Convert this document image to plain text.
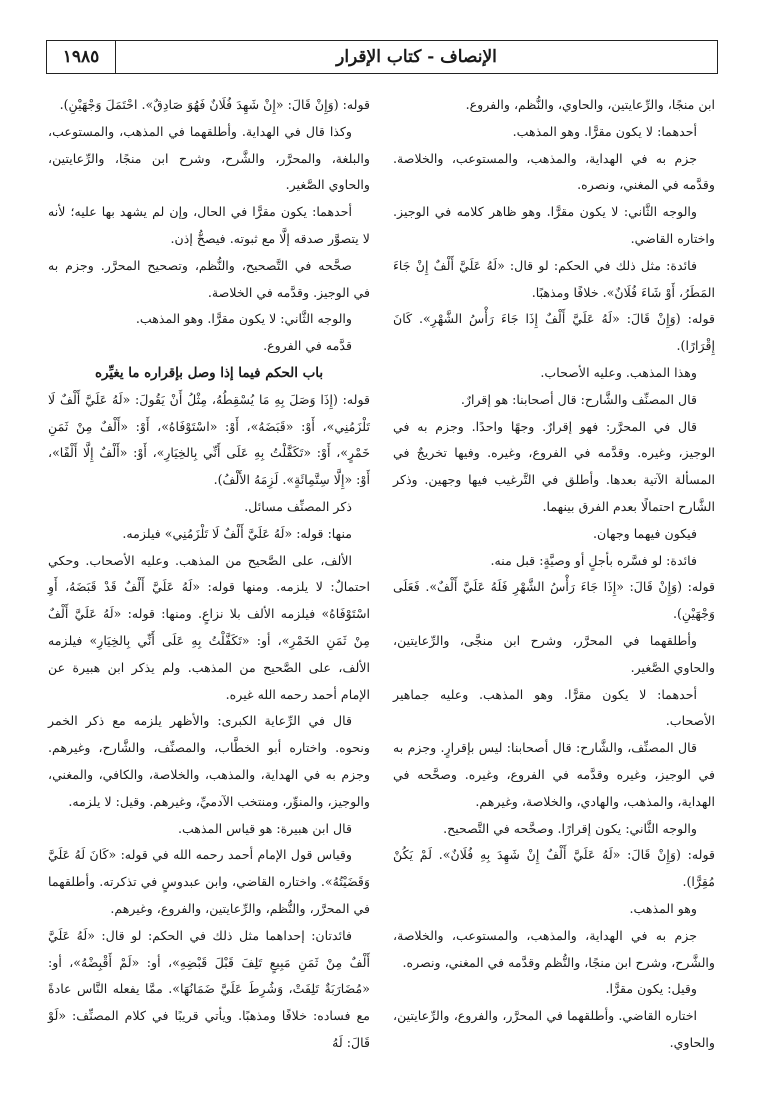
١٩٨٥	الإنصاف - كتاب الإقرار

ابن منجًا، والرِّعايتين، والحاوي، والنُّظم، والفروع.

أحدهما: لا يكون مقرًّا. وهو المذهب.

جزم به في الهداية، والمذهب، والمستوعب، والخلاصة. وقدَّمه في المغني، ونصره.

والوجه الثَّاني: لا يكون مقرًّا. وهو ظاهر كلامه في الوجيز. واختاره القاضي.

فائدة: مثل ذلك في الحكم: لو قال: «لَهُ عَلَيَّ أَلْفٌ إِنْ جَاءَ المَطَرُ، أَوْ شَاءَ فُلَانٌ». خلافًا ومذهبًا.

قوله: (وَإِنْ قَالَ: «لَهُ عَلَيَّ أَلْفٌ إِذَا جَاءَ رَأْسُ الشَّهْرِ». كَانَ إِقْرَارًا).

وهذا المذهب. وعليه الأصحاب.

قال المصنِّف والشَّارح: قال أصحابنا: هو إقرارٌ.

قال في المحرَّر: فهو إقرارٌ. وجهًا واحدًا. وجزم به في الوجيز، وغيره. وقدَّمه في الفروع، وغيره. وفيها تخريجٌ في المسألة الآتية بعدها. وأطلق في التَّرغيب فيها وجهين. وذكر الشَّارح احتمالًا بعدم الفرق بينهما.

فيكون فيهما وجهان.

فائدة: لو فسَّره بأجلٍ أو وصيَّةٍ: قبل منه.

قوله: (وَإِنْ قَالَ: «إِذَا جَاءَ رَأْسُ الشَّهْرِ فَلَهُ عَلَيَّ أَلْفٌ». فَعَلَى وَجْهَيْنِ).

وأطلقهما في المحرَّر، وشرح ابن منجَّى، والرِّعايتين، والحاوي الصَّغير.

أحدهما: لا يكون مقرًّا. وهو المذهب. وعليه جماهير الأصحاب.

قال المصنِّف، والشَّارح: قال أصحابنا: ليس بإقرارٍ. وجزم به في الوجيز، وغيره وقدَّمه في الفروع، وغيره. وصحَّحه في الهداية، والمذهب، والهادي، والخلاصة، وغيرهم.

والوجه الثَّاني: يكون إقرارًا. وصحَّحه في التَّصحيح.

قوله: (وَإِنْ قَالَ: «لَهُ عَلَيَّ أَلْفٌ إِنْ شَهِدَ بِهِ فُلَانٌ». لَمْ يَكُنْ مُقِرًّا).

وهو المذهب.

جزم به في الهداية، والمذهب، والمستوعب، والخلاصة، والشَّرح، وشرح ابن منجًا، والنُّظم وقدَّمه في المغني، ونصره.

وقيل: يكون مقرًّا.

اختاره القاضي. وأطلقهما في المحرَّر، والفروع، والرِّعايتين، والحاوي.

قوله: (وَإِنْ قَالَ: «إِنْ شَهِدَ فُلَانٌ فَهُوَ صَادِقٌ». احْتَمَلَ وَجْهَيْنِ).

وكذا قال في الهداية. وأطلقهما في المذهب، والمستوعب، والبلغة، والمحرَّر، والشَّرح، وشرح ابن منجًا، والرِّعايتين، والحاوي الصَّغير.

أحدهما: يكون مقرًّا في الحال، وإن لم يشهد بها عليه؛ لأنه لا يتصوَّر صدقه إلَّا مع ثبوته. فيصحُّ إذن.

صحَّحه في التَّصحيح، والنُّظم، وتصحيح المحرَّر. وجزم به في الوجيز. وقدَّمه في الخلاصة.

والوجه الثَّاني: لا يكون مقرًّا. وهو المذهب.

قدَّمه في الفروع.

باب الحكم فيما إذا وصل بإقراره ما يغيِّره

قوله: (إِذَا وَصَلَ بِهِ مَا يُسْقِطُهُ، مِثْلُ أَنْ يَقُولَ: «لَهُ عَلَيَّ أَلْفٌ لَا تَلْزَمُنِي»، أَوْ: «قَبَضَهُ»، أَوْ: «اسْتَوْفَاهُ»، أَوْ: «أَلْفٌ مِنْ ثَمَنِ خَمْرٍ»، أَوْ: «تَكَفَّلْتُ بِهِ عَلَى أَنِّي بِالخِيَارِ»، أَوْ: «أَلْفٌ إِلَّا أَلْفًا»، أَوْ: «إِلَّا سِتَّمِائَةٍ». لَزِمَهُ الأَلْفُ).

ذكر المصنِّف مسائل.

منها: قوله: «لَهُ عَلَيَّ أَلْفٌ لَا تَلْزَمُنِي» فيلزمه.

الألف، على الصَّحيح من المذهب. وعليه الأصحاب. وحكي احتمالٌ: لا يلزمه. ومنها قوله: «لَهُ عَلَيَّ أَلْفٌ قَدْ قَبَضَهُ، أَوِ اسْتَوْفَاهُ» فيلزمه الألف بلا نزاعٍ. ومنها: قوله: «لَهُ عَلَيَّ أَلْفٌ مِنْ ثَمَنِ الخَمْرِ»، أو: «تَكَفَّلْتُ بِهِ عَلَى أَنِّي بِالخِيَارِ» فيلزمه الألف، على الصَّحيح من المذهب. ولم يذكر ابن هبيرة عن الإمام أحمد رحمه الله غيره.

قال في الرِّعاية الكبرى: والأظهر يلزمه مع ذكر الخمر ونحوه. واختاره أبو الخطَّاب، والمصنِّف، والشَّارح، وغيرهم. وجزم به في الهداية، والمذهب، والخلاصة، والكافي، والمغني، والوجيز، والمنوِّر، ومنتخب الآدميِّ، وغيرهم. وقيل: لا يلزمه.

قال ابن هبيرة: هو قياس المذهب.

وقياس قول الإمام أحمد رحمه الله في قوله: «كَانَ لَهُ عَلَيَّ وَقَضَيْتُهُ». واختاره القاضي، وابن عبدوسٍ في تذكرته. وأطلقهما في المحرَّر، والنُّظم، والرِّعايتين، والفروع، وغيرهم.

فائدتان: إحداهما مثل ذلك في الحكم: لو قال: «لَهُ عَلَيَّ أَلْفٌ مِنْ ثَمَنِ مَبِيعٍ تَلِفَ قَبْلَ قَبْضِهِ»، أو: «لَمْ أَقْبِضْهُ»، أو: «مُضَارَبَةٌ تَلِفَتْ، وَشُرِطَ عَلَيَّ ضَمَانُهَا». ممَّا يفعله النَّاس عادةً مع فساده: خلافًا ومذهبًا. ويأتي قريبًا في كلام المصنِّف: «لَوْ قَالَ: لَهُ
